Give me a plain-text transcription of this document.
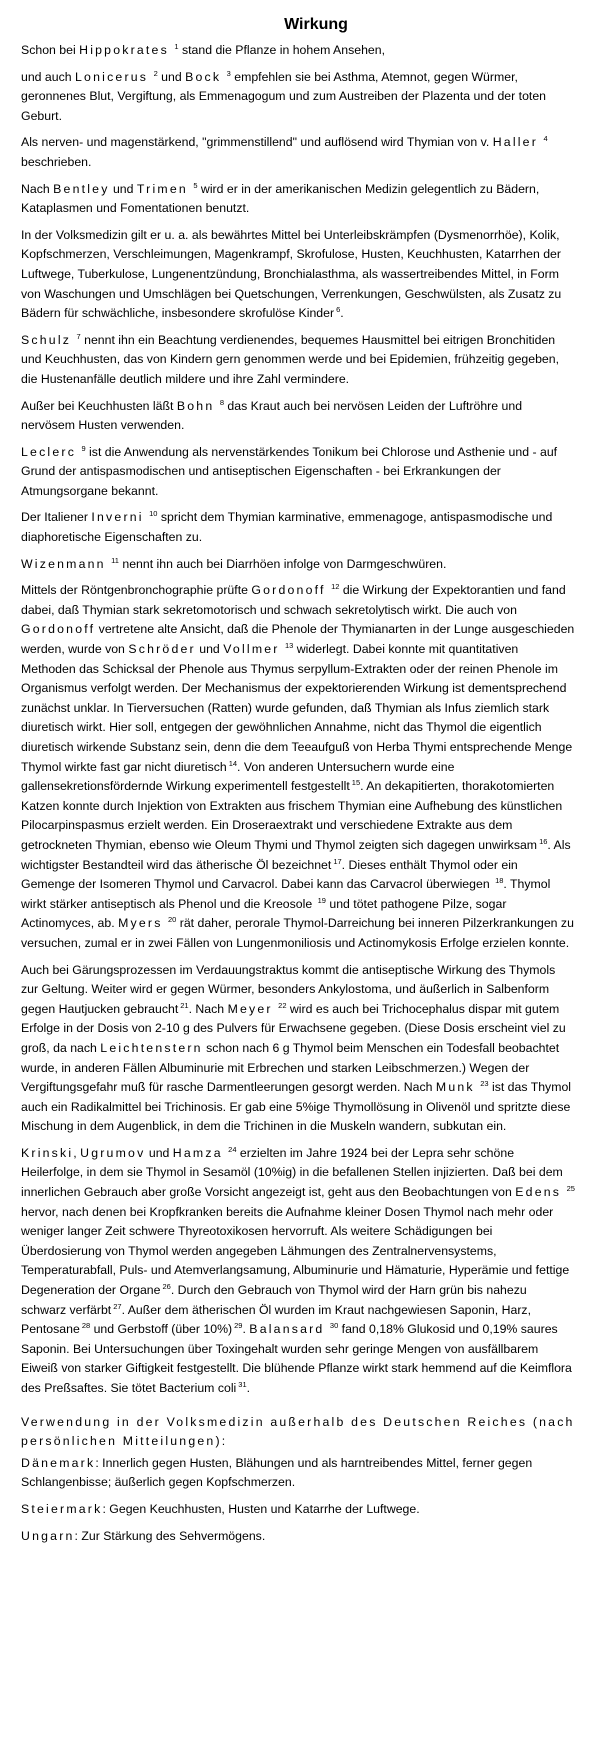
Wirkung

Schon bei Hippokrates $^1$ stand die Pflanze in hohem Ansehen,

und auch Lonicerus $^2$ und Bock $^3$ empfehlen sie bei Asthma, Atemnot, gegen Würmer, geronnenes Blut, Vergiftung, als Emmenagogum und zum Austreiben der Plazenta und der toten Geburt.

Als nerven- und magenstärkend, "grimmenstillend" und auflösend wird Thymian von v. Haller $^4$ beschrieben.

Nach Bentley und Trimen $^5$ wird er in der amerikanischen Medizin gelegentlich zu Bädern, Kataplasmen und Fomentationen benutzt.

In der Volksmedizin gilt er u. a. als bewährtes Mittel bei Unterleibskrämpfen (Dysmenorrhöe), Kolik, Kopfschmerzen, Verschleimungen, Magenkrampf, Skrofulose, Husten, Keuchhusten, Katarrhen der Luftwege, Tuberkulose, Lungenentzündung, Bronchialasthma, als wassertreibendes Mittel, in Form von Waschungen und Umschlägen bei Quetschungen, Verrenkungen, Geschwülsten, als Zusatz zu Bädern für schwächliche, insbesondere skrofulöse Kinder $^6$.

Schulz $^7$ nennt ihn ein Beachtung verdienendes, bequemes Hausmittel bei eitrigen Bronchitiden und Keuchhusten, das von Kindern gern genommen werde und bei Epidemien, frühzeitig gegeben, die Hustenanfälle deutlich mildere und ihre Zahl vermindere.

Außer bei Keuchhusten läßt Bohn $^8$ das Kraut auch bei nervösen Leiden der Luftröhre und nervösem Husten verwenden.

Leclerc $^9$ ist die Anwendung als nervenstärkendes Tonikum bei Chlorose und Asthenie und - auf Grund der antispasmodischen und antiseptischen Eigenschaften - bei Erkrankungen der Atmungsorgane bekannt.

Der Italiener Inverni $^{10}$ spricht dem Thymian karminative, emmenagoge, antispasmodische und diaphoretische Eigenschaften zu.

Wizenmann $^{11}$ nennt ihn auch bei Diarrhöen infolge von Darmgeschwüren.

Mittels der Röntgenbronchographie prüfte Gordonoff $^{12}$ die Wirkung der Expektorantien und fand dabei, daß Thymian stark sekretomotorisch und schwach sekretolytisch wirkt. Die auch von Gordonoff vertretene alte Ansicht, daß die Phenole der Thymianarten in der Lunge ausgeschieden werden, wurde von Schröder und Vollmer $^{13}$ widerlegt. Dabei konnte mit quantitativen Methoden das Schicksal der Phenole aus Thymus serpyllum-Extrakten oder der reinen Phenole im Organismus verfolgt werden. Der Mechanismus der expektorierenden Wirkung ist dementsprechend zunächst unklar. In Tierversuchen (Ratten) wurde gefunden, daß Thymian als Infus ziemlich stark diuretisch wirkt. Hier soll, entgegen der gewöhnlichen Annahme, nicht das Thymol die eigentlich diuretisch wirkende Substanz sein, denn die dem Teeaufguß von Herba Thymi entsprechende Menge Thymol wirkte fast gar nicht diuretisch $^{14}$. Von anderen Untersuchern wurde eine gallensekretionsfördernde Wirkung experimentell festgestellt $^{15}$. An dekapitierten, thorakotomierten Katzen konnte durch Injektion von Extrakten aus frischem Thymian eine Aufhebung des künstlichen Pilocarpinspasmus erzielt werden. Ein Droseraextrakt und verschiedene Extrakte aus dem getrockneten Thymian, ebenso wie Oleum Thymi und Thymol zeigten sich dagegen unwirksam $^{16}$. Als wichtigster Bestandteil wird das ätherische Öl bezeichnet $^{17}$. Dieses enthält Thymol oder ein Gemenge der Isomeren Thymol und Carvacrol. Dabei kann das Carvacrol überwiegen $^{18}$. Thymol wirkt stärker antiseptisch als Phenol und die Kreosole $^{19}$ und tötet pathogene Pilze, sogar Actinomyces, ab. Myers $^{20}$ rät daher, perorale Thymol-Darreichung bei inneren Pilzerkrankungen zu versuchen, zumal er in zwei Fällen von Lungenmoniliosis und Actinomykosis Erfolge erzielen konnte.

Auch bei Gärungsprozessen im Verdauungstraktus kommt die antiseptische Wirkung des Thymols zur Geltung. Weiter wird er gegen Würmer, besonders Ankylostoma, und äußerlich in Salbenform gegen Hautjucken gebraucht $^{21}$. Nach Meyer $^{22}$ wird es auch bei Trichocephalus dispar mit gutem Erfolge in der Dosis von 2-10 g des Pulvers für Erwachsene gegeben. (Diese Dosis erscheint viel zu groß, da nach Leichtenstern schon nach 6 g Thymol beim Menschen ein Todesfall beobachtet wurde, in anderen Fällen Albuminurie mit Erbrechen und starken Leibschmerzen.) Wegen der Vergiftungsgefahr muß für rasche Darmentleerungen gesorgt werden. Nach Munk $^{23}$ ist das Thymol auch ein Radikalmittel bei Trichinosis. Er gab eine 5%ige Thymollösung in Olivenöl und spritzte diese Mischung in dem Augenblick, in dem die Trichinen in die Muskeln wandern, subkutan ein.

Krinski, Ugrumov und Hamza $^{24}$ erzielten im Jahre 1924 bei der Lepra sehr schöne Heilerfolge, in dem sie Thymol in Sesamöl (10%ig) in die befallenen Stellen injizierten. Daß bei dem innerlichen Gebrauch aber große Vorsicht angezeigt ist, geht aus den Beobachtungen von Edens $^{25}$ hervor, nach denen bei Kropfkranken bereits die Aufnahme kleiner Dosen Thymol nach mehr oder weniger langer Zeit schwere Thyreotoxikosen hervorruft. Als weitere Schädigungen bei Überdosierung von Thymol werden angegeben Lähmungen des Zentralnervensystems, Temperaturabfall, Puls- und Atemverlangsamung, Albuminurie und Hämaturie, Hyperämie und fettige Degeneration der Organe $^{26}$. Durch den Gebrauch von Thymol wird der Harn grün bis nahezu schwarz verfärbt $^{27}$. Außer dem ätherischen Öl wurden im Kraut nachgewiesen Saponin, Harz, Pentosane $^{28}$ und Gerbstoff (über 10%) $^{29}$. Balansard $^{30}$ fand 0,18% Glukosid und 0,19% saures Saponin. Bei Untersuchungen über Toxingehalt wurden sehr geringe Mengen von ausfällbarem Eiweiß von starker Giftigkeit festgestellt. Die blühende Pflanze wirkt stark hemmend auf die Keimflora des Preßsaftes. Sie tötet Bacterium coli $^{31}$.

Verwendung in der Volksmedizin außerhalb des Deutschen Reiches (nach persönlichen Mitteilungen):

Dänemark: Innerlich gegen Husten, Blähungen und als harntreibendes Mittel, ferner gegen Schlangenbisse; äußerlich gegen Kopfschmerzen.

Steiermark: Gegen Keuchhusten, Husten und Katarrhe der Luftwege.

Ungarn: Zur Stärkung des Sehvermögens.
